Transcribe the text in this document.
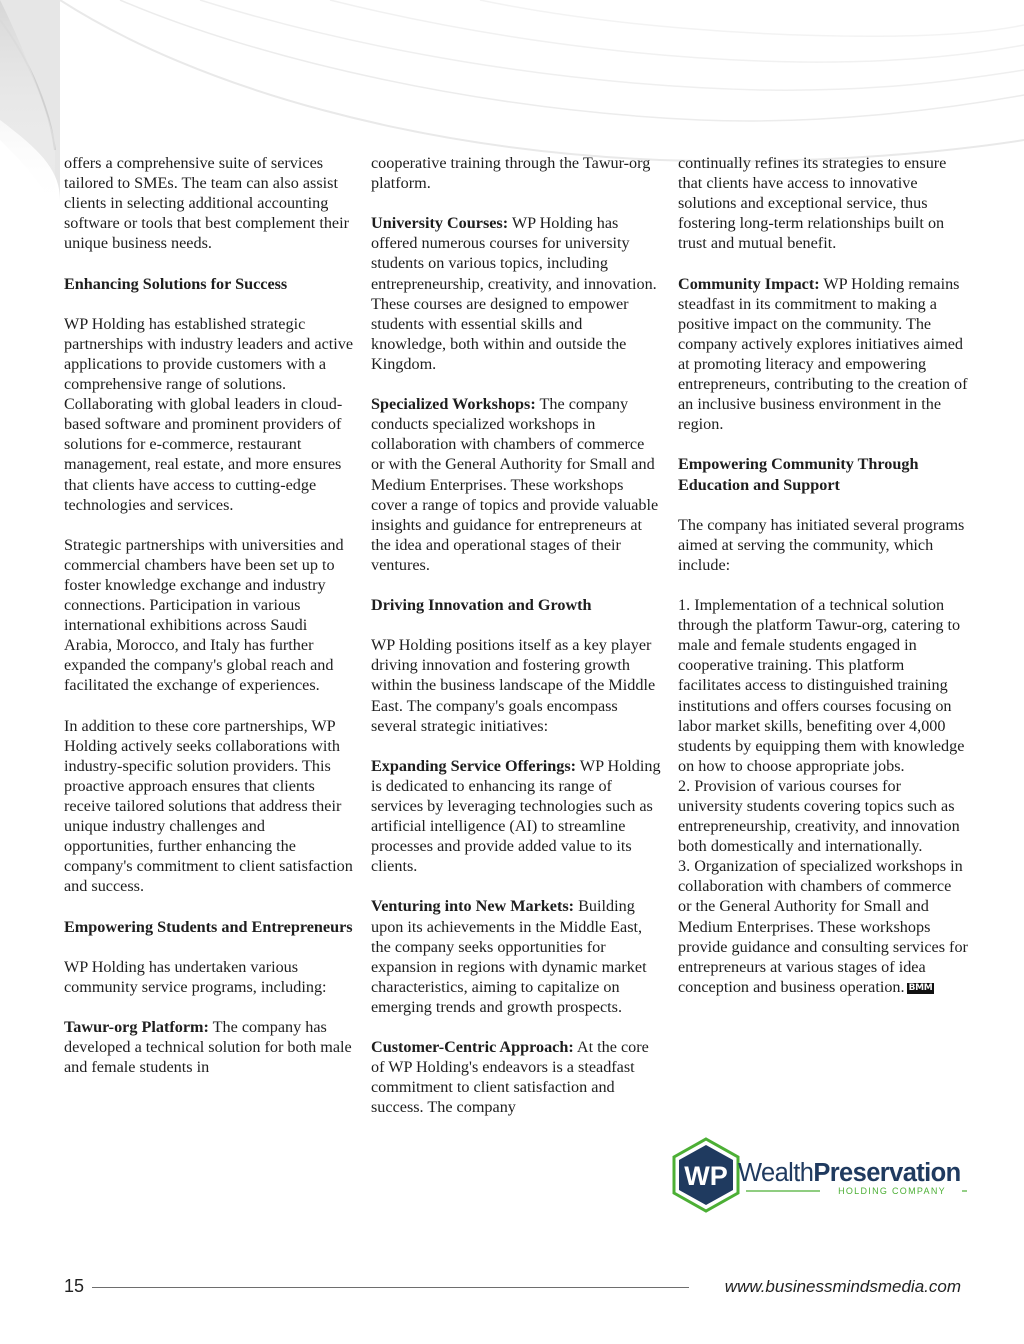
offers a comprehensive suite of services tailored to SMEs. The team can also assist clients in selecting additional accounting software or tools that best complement their unique business needs.

Enhancing Solutions for Success

WP Holding has established strategic partnerships with industry leaders and active applications to provide customers with a comprehensive range of solutions. Collaborating with global leaders in cloud-based software and prominent providers of solutions for e-commerce, restaurant management, real estate, and more ensures that clients have access to cutting-edge technologies and services.

Strategic partnerships with universities and commercial chambers have been set up to foster knowledge exchange and industry connections. Participation in various international exhibitions across Saudi Arabia, Morocco, and Italy has further expanded the company's global reach and facilitated the exchange of experiences.

In addition to these core partnerships, WP Holding actively seeks collaborations with industry-specific solution providers. This proactive approach ensures that clients receive tailored solutions that address their unique industry challenges and opportunities, further enhancing the company's commitment to client satisfaction and success.

Empowering Students and Entrepreneurs

WP Holding has undertaken various community service programs, including:

Tawur-org Platform: The company has developed a technical solution for both male and female students in

cooperative training through the Tawur-org platform.

University Courses: WP Holding has offered numerous courses for university students on various topics, including entrepreneurship, creativity, and innovation. These courses are designed to empower students with essential skills and knowledge, both within and outside the Kingdom.

Specialized Workshops: The company conducts specialized workshops in collaboration with chambers of commerce or with the General Authority for Small and Medium Enterprises. These workshops cover a range of topics and provide valuable insights and guidance for entrepreneurs at the idea and operational stages of their ventures.

Driving Innovation and Growth

WP Holding positions itself as a key player driving innovation and fostering growth within the business landscape of the Middle East. The company's goals encompass several strategic initiatives:

Expanding Service Offerings: WP Holding is dedicated to enhancing its range of services by leveraging technologies such as artificial intelligence (AI) to streamline processes and provide added value to its clients.

Venturing into New Markets: Building upon its achievements in the Middle East, the company seeks opportunities for expansion in regions with dynamic market characteristics, aiming to capitalize on emerging trends and growth prospects.

Customer-Centric Approach: At the core of WP Holding's endeavors is a steadfast commitment to client satisfaction and success. The company

continually refines its strategies to ensure that clients have access to innovative solutions and exceptional service, thus fostering long-term relationships built on trust and mutual benefit.

Community Impact: WP Holding remains steadfast in its commitment to making a positive impact on the community. The company actively explores initiatives aimed at promoting literacy and empowering entrepreneurs, contributing to the creation of an inclusive business environment in the region.

Empowering Community Through Education and Support

The company has initiated several programs aimed at serving the community, which include:

1. Implementation of a technical solution through the platform Tawur-org, catering to male and female students engaged in cooperative training. This platform facilitates access to distinguished training institutions and offers courses focusing on labor market skills, benefiting over 4,000 students by equipping them with knowledge on how to choose appropriate jobs.

2. Provision of various courses for university students covering topics such as entrepreneurship, creativity, and innovation both domestically and internationally.

3. Organization of specialized workshops in collaboration with chambers of commerce or the General Authority for Small and Medium Enterprises. These workshops provide guidance and consulting services for entrepreneurs at various stages of idea conception and business operation. BMM

WP WealthPreservation
HOLDING COMPANY
15	www.businessmindsmedia.com
